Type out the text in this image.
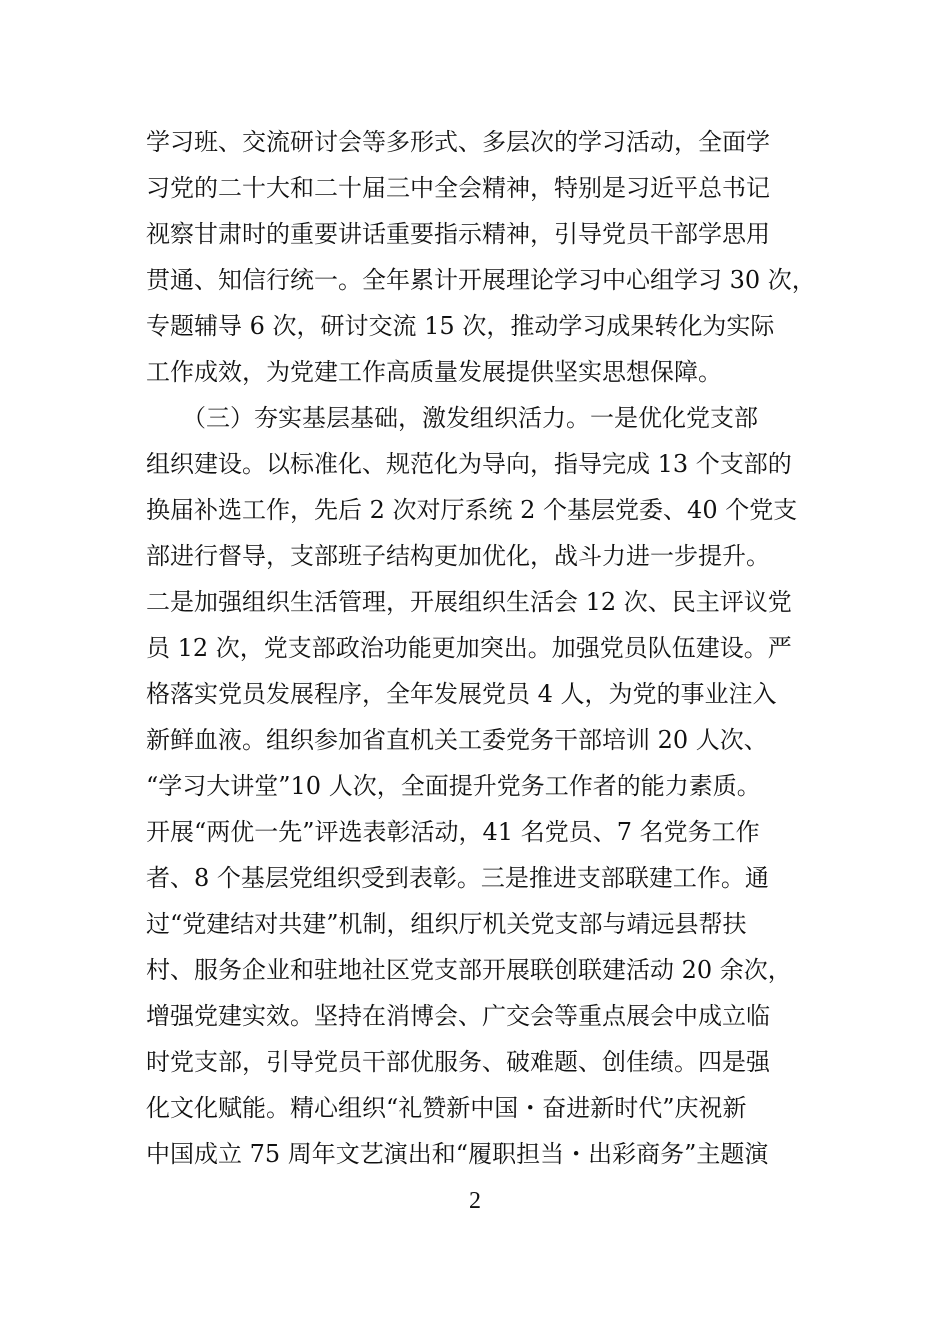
学习班、交流研讨会等多形式、多层次的学习活动，全面学
习党的二十大和二十届三中全会精神，特别是习近平总书记
视察甘肃时的重要讲话重要指示精神，引导党员干部学思用
贯通、知信行统一。全年累计开展理论学习中心组学习 30 次，
专题辅导 6 次，研讨交流 15 次，推动学习成果转化为实际
工作成效，为党建工作高质量发展提供坚实思想保障。
　　（三）夯实基层基础，激发组织活力。一是优化党支部
组织建设。以标准化、规范化为导向，指导完成 13 个支部的
换届补选工作，先后 2 次对厅系统 2 个基层党委、40 个党支
部进行督导，支部班子结构更加优化，战斗力进一步提升。
二是加强组织生活管理，开展组织生活会 12 次、民主评议党
员 12 次，党支部政治功能更加突出。加强党员队伍建设。严
格落实党员发展程序，全年发展党员 4 人，为党的事业注入
新鲜血液。组织参加省直机关工委党务干部培训 20 人次、
“学习大讲堂”10 人次，全面提升党务工作者的能力素质。
开展“两优一先”评选表彰活动，41 名党员、7 名党务工作
者、8 个基层党组织受到表彰。三是推进支部联建工作。通
过“党建结对共建”机制，组织厅机关党支部与靖远县帮扶
村、服务企业和驻地社区党支部开展联创联建活动 20 余次，
增强党建实效。坚持在消博会、广交会等重点展会中成立临
时党支部，引导党员干部优服务、破难题、创佳绩。四是强
化文化赋能。精心组织“礼赞新中国・奋进新时代”庆祝新
中国成立 75 周年文艺演出和“履职担当・出彩商务”主题演
2
